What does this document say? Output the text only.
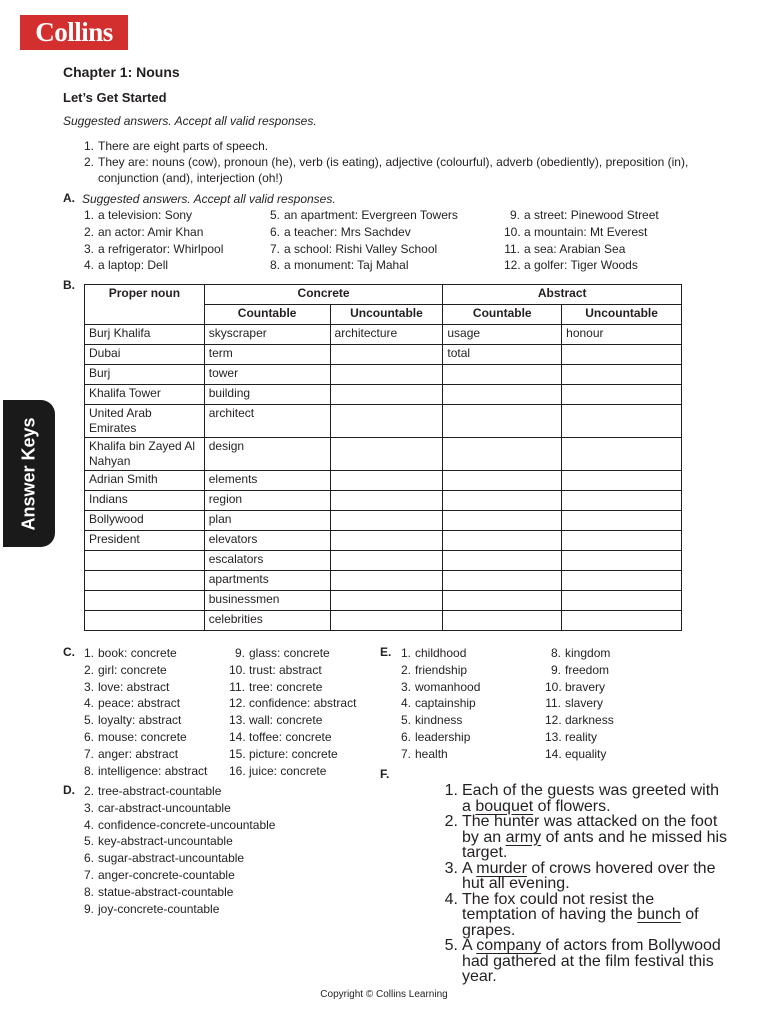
Collins
Answer Keys
Chapter 1: Nouns
Let’s Get Started
Suggested answers. Accept all valid responses.
1. There are eight parts of speech.
2. They are: nouns (cow), pronoun (he), verb (is eating), adjective (colourful), adverb (obediently), preposition (in),
conjunction (and), interjection (oh!)
A. Suggested answers. Accept all valid responses.
1. a television: Sony
2. an actor: Amir Khan
3. a refrigerator: Whirlpool
4. a laptop: Dell
5. an apartment: Evergreen Towers
6. a teacher: Mrs Sachdev
7. a school: Rishi Valley School
8. a monument: Taj Mahal
9. a street: Pinewood Street
10. a mountain: Mt Everest
11. a sea: Arabian Sea
12. a golfer: Tiger Woods
B.
Proper noun	Concrete		Abstract	
	Countable	Uncountable	Countable	Uncountable
Burj Khalifa	skyscraper	architecture	usage	honour
Dubai	term		total	
Burj	tower			
Khalifa Tower	building			
United Arab Emirates	architect			
Khalifa bin Zayed Al Nahyan	design			
Adrian Smith	elements			
Indians	region			
Bollywood	plan			
President	elevators			
	escalators			
	apartments			
	businessmen			
	celebrities			
C. 1. book: concrete
2. girl: concrete
3. love: abstract
4. peace: abstract
5. loyalty: abstract
6. mouse: concrete
7. anger: abstract
8. intelligence: abstract
9. glass: concrete
10. trust: abstract
11. tree: concrete
12. confidence: abstract
13. wall: concrete
14. toffee: concrete
15. picture: concrete
16. juice: concrete
D. 2. tree-abstract-countable
3. car-abstract-uncountable
4. confidence-concrete-uncountable
5. key-abstract-uncountable
6. sugar-abstract-uncountable
7. anger-concrete-countable
8. statue-abstract-countable
9. joy-concrete-countable
E. 1. childhood
2. friendship
3. womanhood
4. captainship
5. kindness
6. leadership
7. health
8. kingdom
9. freedom
10. bravery
11. slavery
12. darkness
13. reality
14. equality
F.
1. Each of the guests was greeted with a bouquet of flowers.
2. The hunter was attacked on the foot by an army of ants and he missed his target.
3. A murder of crows hovered over the hut all evening.
4. The fox could not resist the temptation of having the bunch of grapes.
5. A company of actors from Bollywood had gathered at the film festival this year.
Copyright © Collins Learning
